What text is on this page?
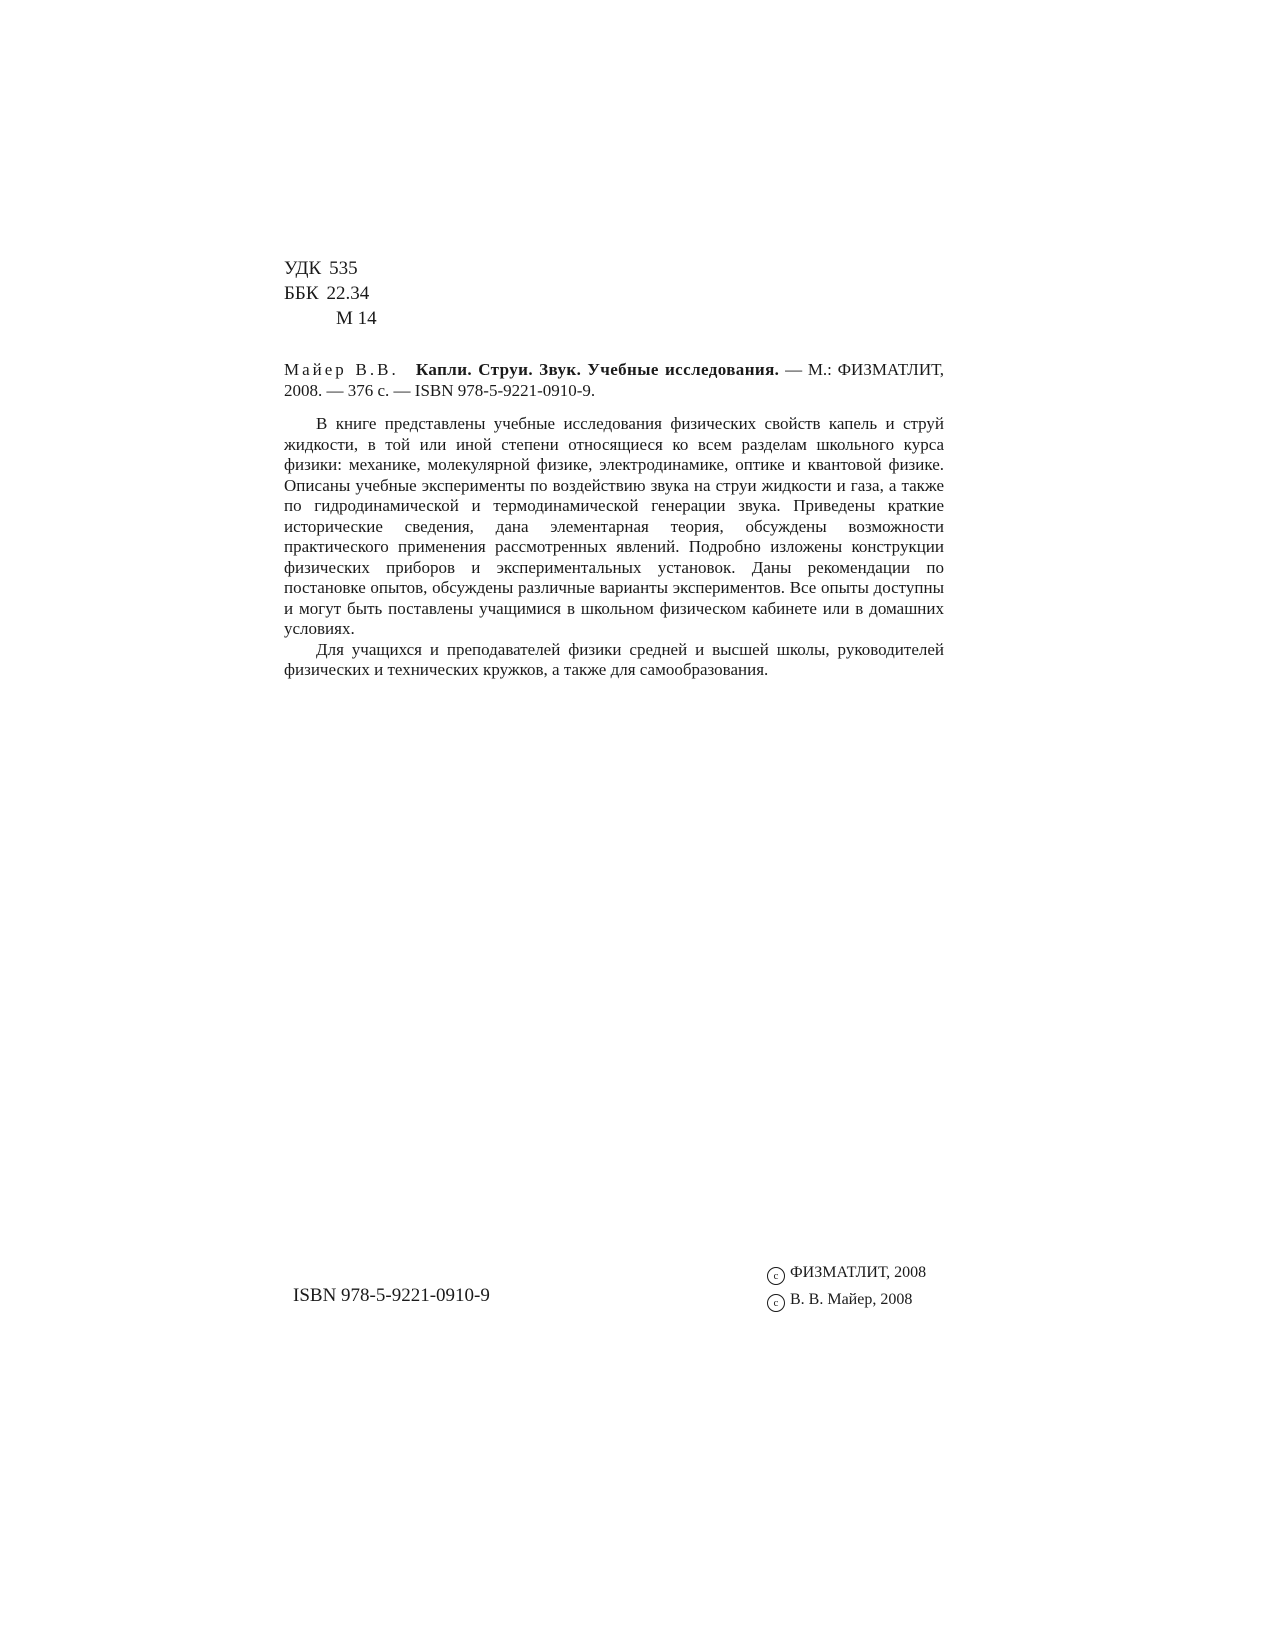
УДК 535
ББК 22.34
М 14
Майер В.В. Капли. Струи. Звук. Учебные исследования. — М.: ФИЗМАТЛИТ, 2008. — 376 с. — ISBN 978-5-9221-0910-9.

В книге представлены учебные исследования физических свойств капель и струй жидкости, в той или иной степени относящиеся ко всем разделам школьного курса физики: механике, молекулярной физике, электродинамике, оптике и квантовой физике. Описаны учебные эксперименты по воздействию звука на струи жидкости и газа, а также по гидродинамической и термодинамической генерации звука. Приведены краткие исторические сведения, дана элементарная теория, обсуждены возможности практического применения рассмотренных явлений. Подробно изложены конструкции физических приборов и экспериментальных установок. Даны рекомендации по постановке опытов, обсуждены различные варианты экспериментов. Все опыты доступны и могут быть поставлены учащимися в школьном физическом кабинете или в домашних условиях.

Для учащихся и преподавателей физики средней и высшей школы, руководителей физических и технических кружков, а также для самообразования.

ISBN 978-5-9221-0910-9
c ФИЗМАТЛИТ, 2008
c В. В. Майер, 2008
